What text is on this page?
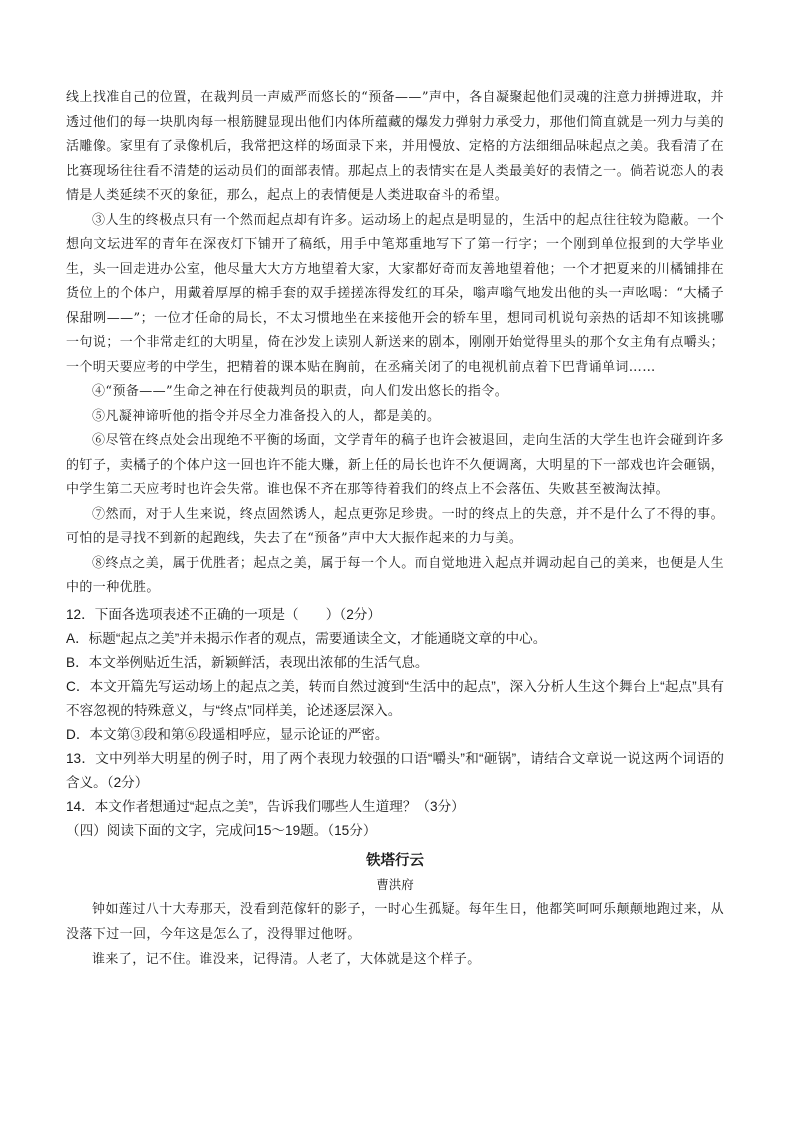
线上找准自己的位置，在裁判员一声威严而悠长的“预备——”声中，各自凝聚起他们灵魂的注意力拼搏进取，并透过他们的每一块肌肉每一根筋腱显现出他们内体所蕴藏的爆发力弹射力承受力，那他们简直就是一列力与美的活雕像。家里有了录像机后，我常把这样的场面录下来，并用慢放、定格的方法细细品味起点之美。我看清了在比赛现场往往看不清楚的运动员们的面部表情。那起点上的表情实在是人类最美好的表情之一。倘若说恋人的表情是人类延续不灭的象征，那么，起点上的表情便是人类进取奋斗的希望。

③人生的终极点只有一个然而起点却有许多。运动场上的起点是明显的，生活中的起点往往较为隐蔽。一个想向文坛进军的青年在深夜灯下铺开了稿纸，用手中笔郑重地写下了第一行字；一个刚到单位报到的大学毕业生，头一回走进办公室，他尽量大大方方地望着大家，大家都好奇而友善地望着他；一个才把夏来的川橘铺排在货位上的个体户，用戴着厚厚的棉手套的双手搓搓冻得发红的耳朵，嗡声嗡气地发出他的头一声吆喝：“大橘子保甜咧——”；一位才任命的局长，不太习惯地坐在来接他开会的轿车里，想同司机说句亲热的话却不知该挑哪一句说；一个非常走红的大明星，倚在沙发上读别人新送来的剧本，刚刚开始觉得里头的那个女主角有点嚼头；一个明天要应考的中学生，把精着的课本贴在胸前，在丞痛关闭了的电视机前点着下巴背诵单词……

④“预备——”生命之神在行使裁判员的职责，向人们发出悠长的指令。

⑤凡凝神谛听他的指令并尽全力准备投入的人，都是美的。

⑥尽管在终点处会出现绝不平衡的场面，文学青年的稿子也许会被退回，走向生活的大学生也许会碰到许多的钉子，卖橘子的个体户这一回也许不能大赚，新上任的局长也许不久便调离，大明星的下一部戏也许会砸锅，中学生第二天应考时也许会失常。谁也保不齐在那等待着我们的终点上不会落伍、失败甚至被淘汰掉。

⑦然而，对于人生来说，终点固然诱人，起点更弥足珍贵。一时的终点上的失意，并不是什么了不得的事。可怕的是寻找不到新的起跑线，失去了在“预备”声中大大振作起来的力与美。

⑧终点之美，属于优胜者；起点之美，属于每一个人。而自觉地进入起点并调动起自己的美来，也便是人生中的一种优胜。

12．下面各选项表述不正确的一项是（　　）（2分）

A．标题“起点之美”并未揭示作者的观点，需要通读全文，才能通晓文章的中心。

B．本文举例贴近生活，新颖鲜活，表现出浓郁的生活气息。

C．本文开篇先写运动场上的起点之美，转而自然过渡到“生活中的起点”，深入分析人生这个舞台上“起点”具有不容忽视的特殊意义，与“终点”同样美，论述逐层深入。

D．本文第③段和第⑥段遥相呼应，显示论证的严密。

13．文中列举大明星的例子时，用了两个表现力较强的口语“嚼头”和“砸锅”，请结合文章说一说这两个词语的含义。（2分）

14．本文作者想通过“起点之美”，告诉我们哪些人生道理？（3分）

（四）阅读下面的文字，完成问15～19题。（15分）

铁塔行云
曹洪府

钟如莲过八十大寿那天，没看到范傢轩的影子，一时心生孤疑。每年生日，他都笑呵呵乐颠颠地跑过来，从没落下过一回，今年这是怎么了，没得罪过他呀。

谁来了，记不住。谁没来，记得清。人老了，大体就是这个样子。
